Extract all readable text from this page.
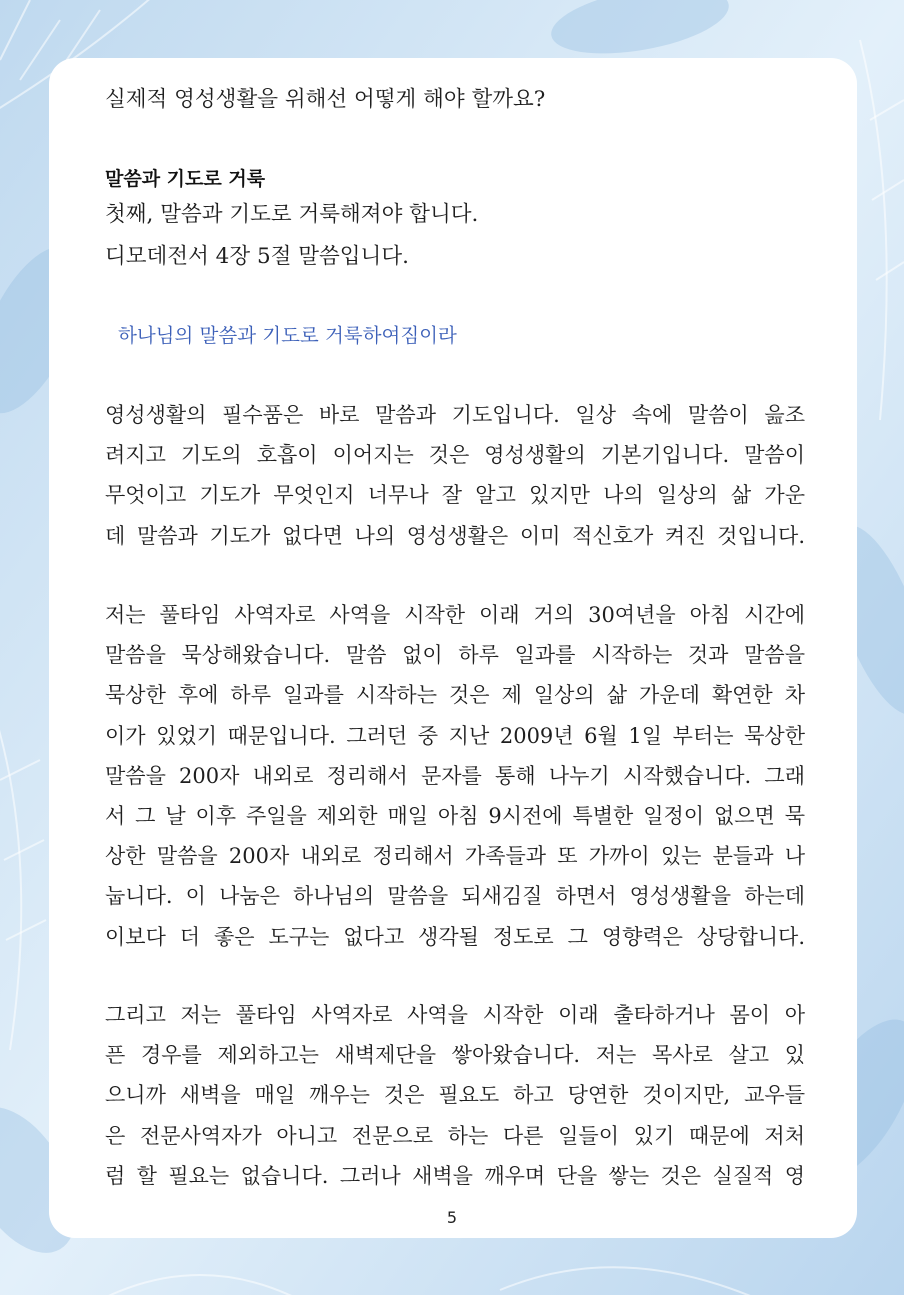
실제적 영성생활을 위해선 어떻게 해야 할까요?
말씀과 기도로 거룩
첫째, 말씀과 기도로 거룩해져야 합니다.
디모데전서 4장 5절 말씀입니다.
하나님의 말씀과 기도로 거룩하여짐이라
영성생활의 필수품은 바로 말씀과 기도입니다. 일상 속에 말씀이 읊조
려지고 기도의 호흡이 이어지는 것은 영성생활의 기본기입니다. 말씀이
무엇이고 기도가 무엇인지 너무나 잘 알고 있지만 나의 일상의 삶 가운
데 말씀과 기도가 없다면 나의 영성생활은 이미 적신호가 켜진 것입니다.
저는 풀타임 사역자로 사역을 시작한 이래 거의 30여년을 아침 시간에
말씀을 묵상해왔습니다. 말씀 없이 하루 일과를 시작하는 것과 말씀을
묵상한 후에 하루 일과를 시작하는 것은 제 일상의 삶 가운데 확연한 차
이가 있었기 때문입니다. 그러던 중 지난 2009년 6월 1일 부터는 묵상한
말씀을 200자 내외로 정리해서 문자를 통해 나누기 시작했습니다. 그래
서 그 날 이후 주일을 제외한 매일 아침 9시전에 특별한 일정이 없으면 묵
상한 말씀을 200자 내외로 정리해서 가족들과 또 가까이 있는 분들과 나
눕니다. 이 나눔은 하나님의 말씀을 되새김질 하면서 영성생활을 하는데
이보다 더 좋은 도구는 없다고 생각될 정도로 그 영향력은 상당합니다.
그리고 저는 풀타임 사역자로 사역을 시작한 이래 출타하거나 몸이 아
픈 경우를 제외하고는 새벽제단을 쌓아왔습니다. 저는 목사로 살고 있
으니까 새벽을 매일 깨우는 것은 필요도 하고 당연한 것이지만, 교우들
은 전문사역자가 아니고 전문으로 하는 다른 일들이 있기 때문에 저처
럼 할 필요는 없습니다. 그러나 새벽을 깨우며 단을 쌓는 것은 실질적 영
5
